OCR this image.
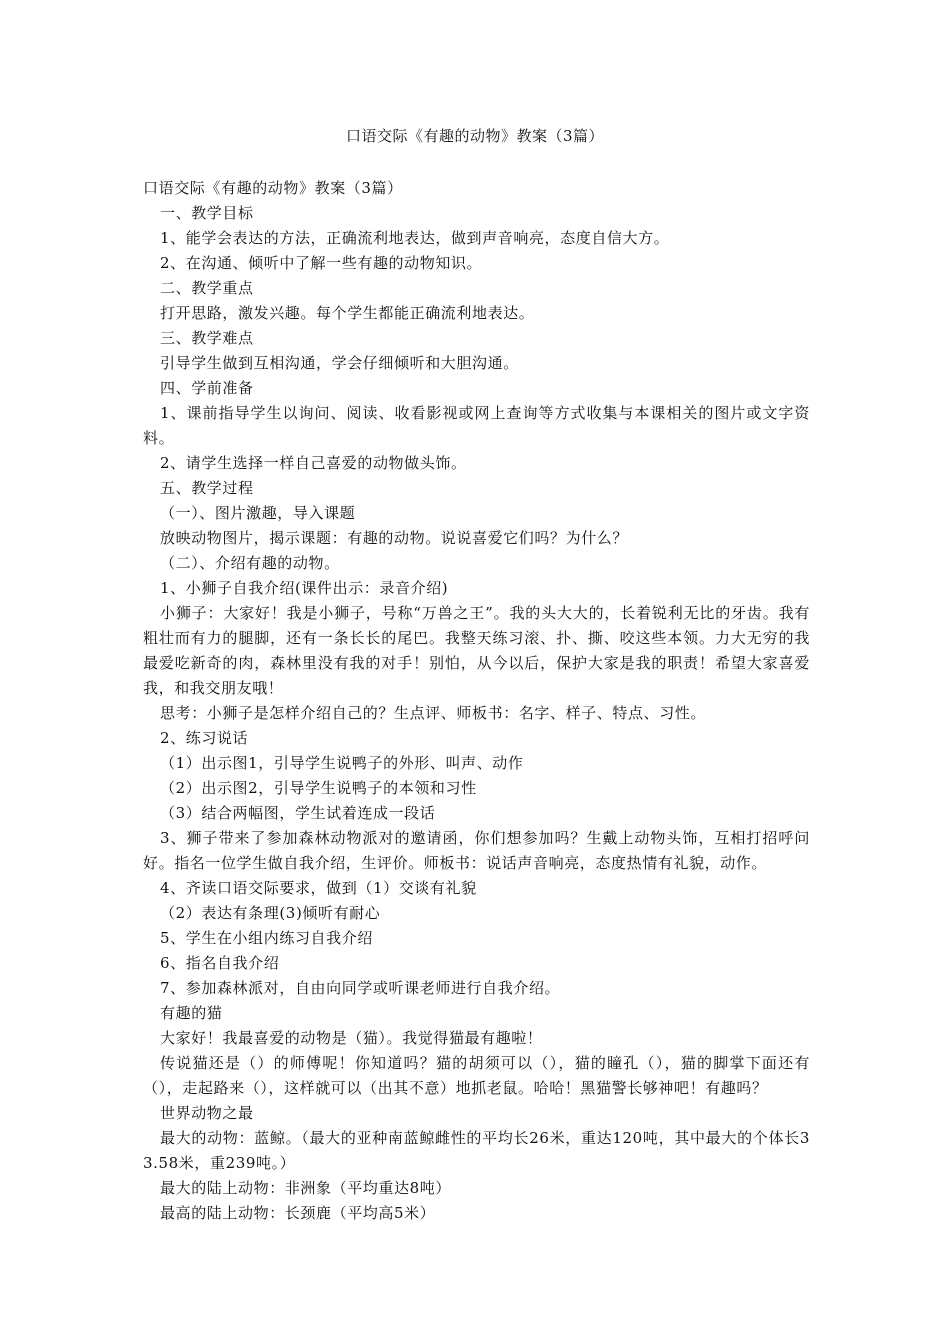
口语交际《有趣的动物》教案（3篇）

口语交际《有趣的动物》教案（3篇）

一、教学目标

1、能学会表达的方法，正确流利地表达，做到声音响亮，态度自信大方。

2、在沟通、倾听中了解一些有趣的动物知识。

二、教学重点

打开思路，激发兴趣。每个学生都能正确流利地表达。

三、教学难点

引导学生做到互相沟通，学会仔细倾听和大胆沟通。

四、学前准备

1、课前指导学生以询问、阅读、收看影视或网上查询等方式收集与本课相关的图片或文字资料。

2、请学生选择一样自己喜爱的动物做头饰。

五、教学过程

（一）、图片激趣，导入课题

放映动物图片，揭示课题：有趣的动物。说说喜爱它们吗？为什么？

（二）、介绍有趣的动物。

1、小狮子自我介绍(课件出示：录音介绍)

小狮子：大家好！我是小狮子，号称“万兽之王”。我的头大大的，长着锐利无比的牙齿。我有粗壮而有力的腿脚，还有一条长长的尾巴。我整天练习滚、扑、撕、咬这些本领。力大无穷的我最爱吃新奇的肉，森林里没有我的对手！别怕，从今以后，保护大家是我的职责！希望大家喜爱我，和我交朋友哦！

思考：小狮子是怎样介绍自己的？生点评、师板书：名字、样子、特点、习性。

2、练习说话

（1）出示图1，引导学生说鸭子的外形、叫声、动作

（2）出示图2，引导学生说鸭子的本领和习性

（3）结合两幅图，学生试着连成一段话

3、狮子带来了参加森林动物派对的邀请函，你们想参加吗？生戴上动物头饰，互相打招呼问好。指名一位学生做自我介绍，生评价。师板书：说话声音响亮，态度热情有礼貌，动作。

4、齐读口语交际要求，做到（1）交谈有礼貌

（2）表达有条理(3)倾听有耐心

5、学生在小组内练习自我介绍

6、指名自我介绍

7、参加森林派对，自由向同学或听课老师进行自我介绍。

有趣的猫

大家好！我最喜爱的动物是（猫）。我觉得猫最有趣啦！

传说猫还是（）的师傅呢！你知道吗？猫的胡须可以（），猫的瞳孔（），猫的脚掌下面还有（），走起路来（），这样就可以（出其不意）地抓老鼠。哈哈！黑猫警长够神吧！有趣吗？

世界动物之最

最大的动物：蓝鲸。（最大的亚种南蓝鲸雌性的平均长26米，重达120吨，其中最大的个体长33.58米，重239吨。）

最大的陆上动物：非洲象（平均重达8吨）

最高的陆上动物：长颈鹿（平均高5米）
